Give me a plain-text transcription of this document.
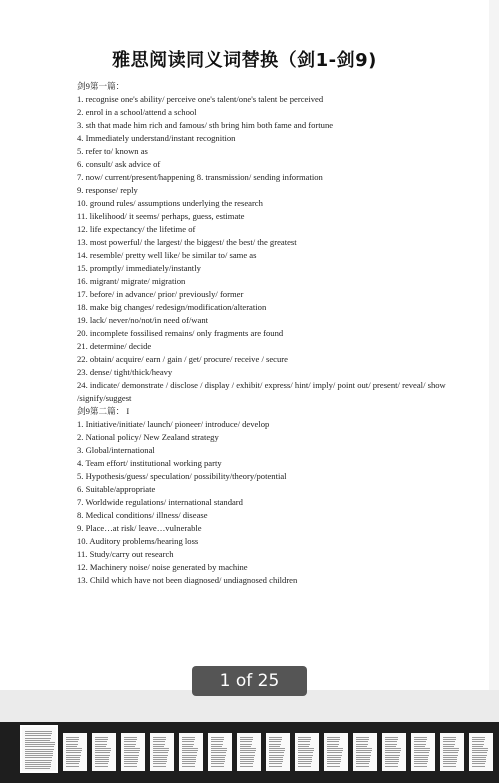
雅思阅读同义词替换（剑1-剑9)
剑9第一篇：
1. recognise one's ability/ perceive one's talent/one's talent be perceived
2. enrol in a school/attend a school
3. sth that made him rich and famous/ sth bring him both fame and fortune
4. Immediately understand/instant recognition
5. refer to/ known as
6. consult/ ask advice of
7. now/ current/present/happening 8. transmission/ sending information
9. response/ reply
10. ground rules/ assumptions underlying the research
11. likelihood/ it seems/ perhaps, guess, estimate
12. life expectancy/ the lifetime of
13. most powerful/ the largest/ the biggest/ the best/ the greatest
14. resemble/ pretty well like/ be similar to/ same as
15. promptly/ immediately/instantly
16. migrant/ migrate/ migration
17. before/ in advance/ prior/ previously/ former
18. make big changes/ redesign/modification/alteration
19. lack/ never/no/not/in need of/want
20. incomplete fossilised remains/ only fragments are found
21. determine/ decide
22. obtain/ acquire/ earn / gain / get/ procure/ receive / secure
23. dense/ tight/thick/heavy
24. indicate/ demonstrate / disclose / display / exhibit/ express/ hint/ imply/ point out/ present/ reveal/ show /signify/suggest
剑9第二篇： I
1. Initiative/initiate/ launch/ pioneer/ introduce/ develop
2. National policy/ New Zealand strategy
3. Global/international
4. Team effort/ institutional working party
5. Hypothesis/guess/ speculation/ possibility/theory/potential
6. Suitable/appropriate
7. Worldwide regulations/ international standard
8. Medical conditions/ illness/ disease
9. Place…at risk/ leave…vulnerable
10. Auditory problems/hearing loss
11. Study/carry out research
12. Machinery noise/ noise generated by machine
13. Child which have not been diagnosed/ undiagnosed children
1 of 25
